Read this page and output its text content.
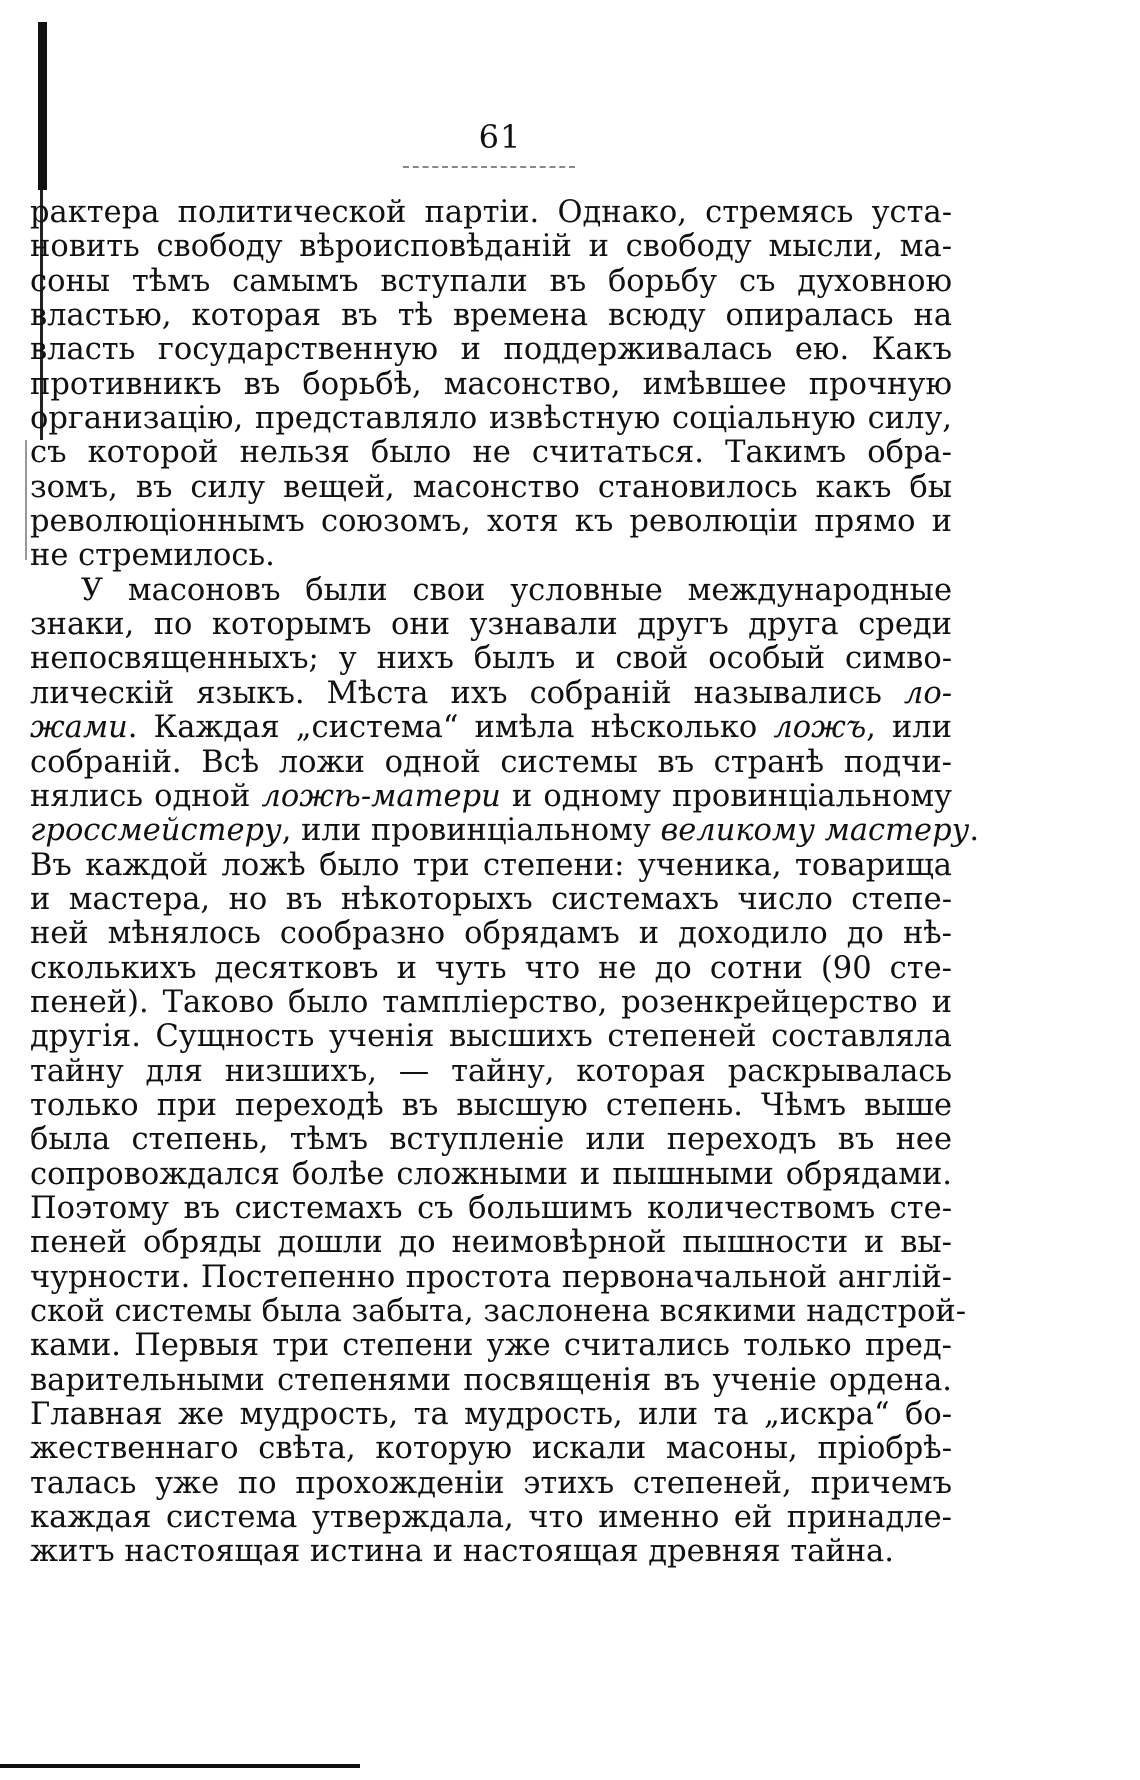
61
рактера политической партіи. Однако, стремясь уста-
новить свободу вѣроисповѣданій и свободу мысли, ма-
соны тѣмъ самымъ вступали въ борьбу съ духовною
властью, которая въ тѣ времена всюду опиралась на
власть государственную и поддерживалась ею. Какъ
противникъ въ борьбѣ, масонство, имѣвшее прочную
организацію, представляло извѣстную соціальную силу,
съ которой нельзя было не считаться. Такимъ обра-
зомъ, въ силу вещей, масонство становилось какъ бы
революціоннымъ союзомъ, хотя къ революціи прямо и
не стремилось.
У масоновъ были свои условные международные
знаки, по которымъ они узнавали другъ друга среди
непосвященныхъ; у нихъ былъ и свой особый симво-
лическій языкъ. Мѣста ихъ собраній назывались ло-
жами. Каждая „система“ имѣла нѣсколько ложъ, или
собраній. Всѣ ложи одной системы въ странѣ подчи-
нялись одной ложѣ-матери и одному провинціальному
гроссмейстеру, или провинціальному великому мастеру.
Въ каждой ложѣ было три степени: ученика, товарища
и мастера, но въ нѣкоторыхъ системахъ число степе-
ней мѣнялось сообразно обрядамъ и доходило до нѣ-
сколькихъ десятковъ и чуть что не до сотни (90 сте-
пеней). Таково было тампліерство, розенкрейцерство и
другія. Сущность ученія высшихъ степеней составляла
тайну для низшихъ, — тайну, которая раскрывалась
только при переходѣ въ высшую степень. Чѣмъ выше
была степень, тѣмъ вступленіе или переходъ въ нее
сопровождался болѣе сложными и пышными обрядами.
Поэтому въ системахъ съ большимъ количествомъ сте-
пеней обряды дошли до неимовѣрной пышности и вы-
чурности. Постепенно простота первоначальной англій-
ской системы была забыта, заслонена всякими надстрой-
ками. Первыя три степени уже считались только пред-
варительными степенями посвященія въ ученіе ордена.
Главная же мудрость, та мудрость, или та „искра“ бо-
жественнаго свѣта, которую искали масоны, пріобрѣ-
талась уже по прохожденіи этихъ степеней, причемъ
каждая система утверждала, что именно ей принадле-
житъ настоящая истина и настоящая древняя тайна.
